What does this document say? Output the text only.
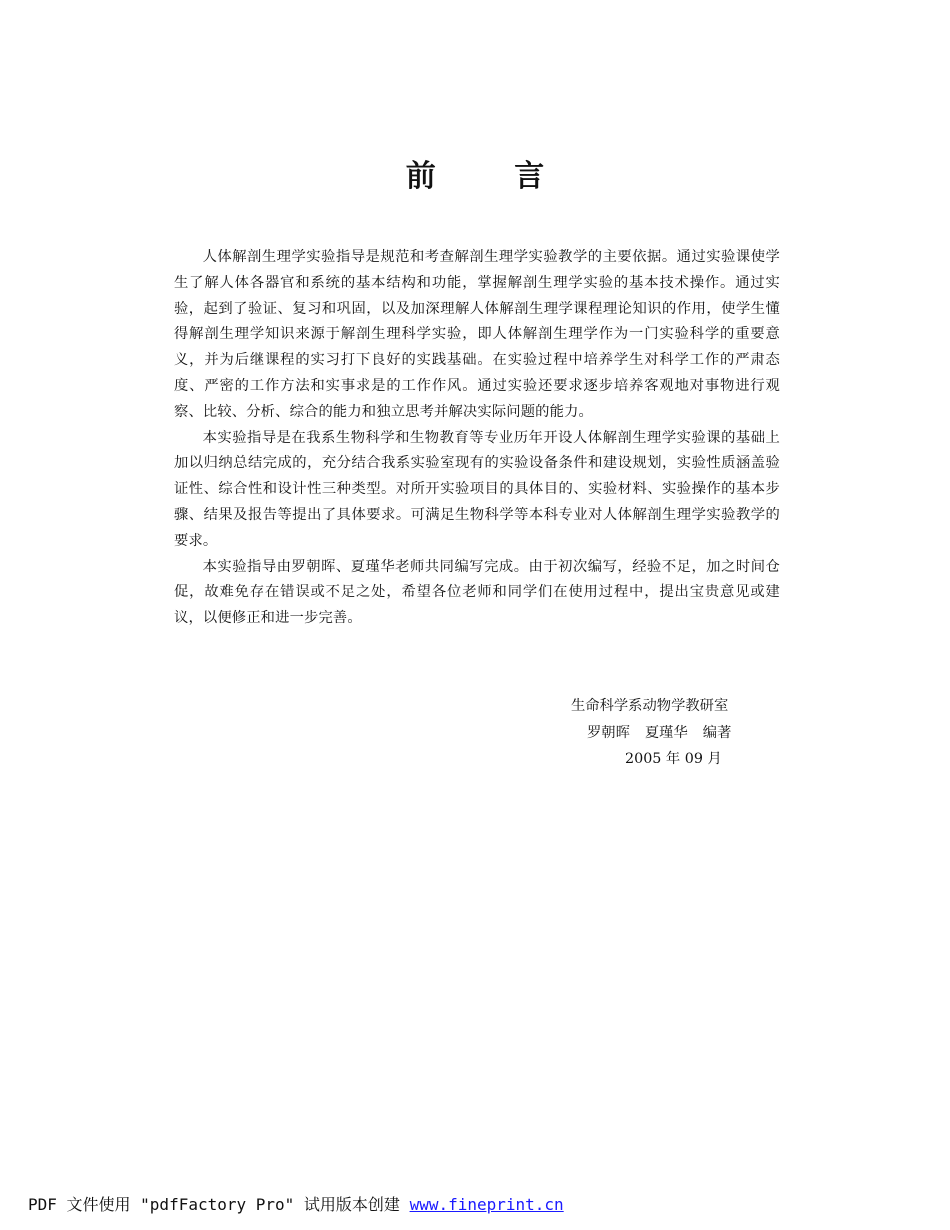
前 言

人体解剖生理学实验指导是规范和考查解剖生理学实验教学的主要依据。通过实验课使学生了解人体各器官和系统的基本结构和功能，掌握解剖生理学实验的基本技术操作。通过实验，起到了验证、复习和巩固，以及加深理解人体解剖生理学课程理论知识的作用，使学生懂得解剖生理学知识来源于解剖生理科学实验，即人体解剖生理学作为一门实验科学的重要意义，并为后继课程的实习打下良好的实践基础。在实验过程中培养学生对科学工作的严肃态度、严密的工作方法和实事求是的工作作风。通过实验还要求逐步培养客观地对事物进行观察、比较、分析、综合的能力和独立思考并解决实际问题的能力。

本实验指导是在我系生物科学和生物教育等专业历年开设人体解剖生理学实验课的基础上加以归纳总结完成的，充分结合我系实验室现有的实验设备条件和建设规划，实验性质涵盖验证性、综合性和设计性三种类型。对所开实验项目的具体目的、实验材料、实验操作的基本步骤、结果及报告等提出了具体要求。可满足生物科学等本科专业对人体解剖生理学实验教学的要求。

本实验指导由罗朝晖、夏瑾华老师共同编写完成。由于初次编写，经验不足，加之时间仓促，故难免存在错误或不足之处，希望各位老师和同学们在使用过程中，提出宝贵意见或建议，以便修正和进一步完善。

生命科学系动物学教研室
罗朝晖 夏瑾华 编著
2005 年 09 月
PDF 文件使用 "pdfFactory Pro" 试用版本创建 www.fineprint.cn
